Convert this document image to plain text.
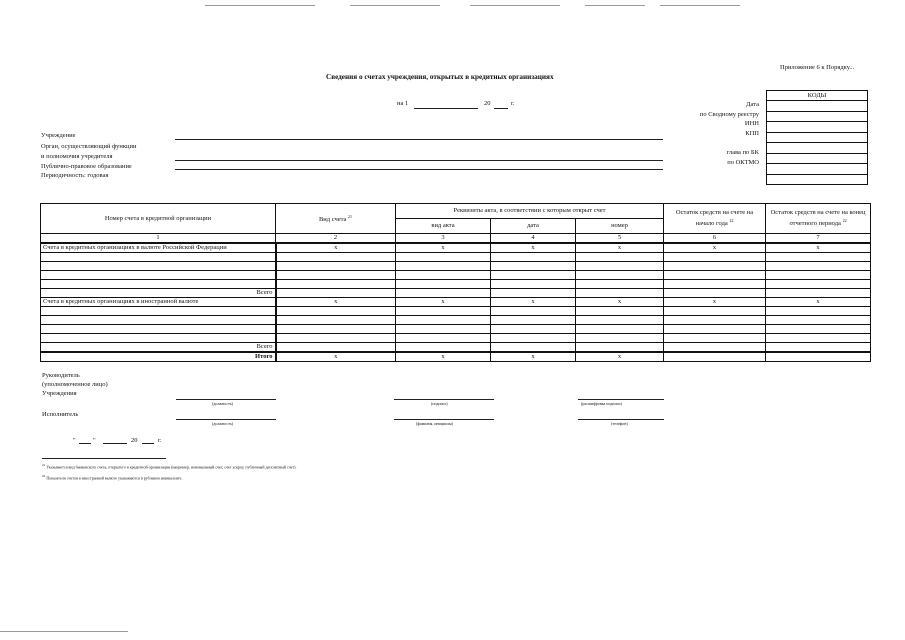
Приложение 6 к Порядку...
Сведения о счетах учреждения, открытых в кредитных организациях
на 1	20	г.	Дата
по Сводному реестру
ИНН
КПП

глава по БК
по ОКТМО
КОДЫ
Учреждение
Орган, осуществляющий функции
и полномочия учредителя
Публично-правовое образование
Периодичность: годовая
Номер счета в кредитной организации	Вид счета $^{21}$	Реквизиты акта, в соответствии с которым открыт счет			Остаток средств на счете на начало года $^{22}$	Остаток средств на счете на конец отчетного периода $^{22}$
		вид акта	дата	номер		
1	2	3	4	5	6	7
Счета в кредитных организациях в валюте Российской Федерации	x	x	x	x	x	x

Всего						
Счета в кредитных организациях в иностранной валюте	x	x	x	x	x	x

Всего						
Итого	x	x	x	x		
Руководитель
(уполномоченное лицо)
Учреждения
Исполнитель
(должность)	(подпись)	(расшифровка подписи)
(должность)	(фамилия, инициалы)	(телефон)
"	"	20	г.
$^{21}$ Указывается вид банковского счета, открытого в кредитной организации (например, номинальный счет, счет эскроу, публичный депозитный счет).
$^{22}$ Показатели счетов в иностранной валюте указываются в рублевом эквиваленте.
